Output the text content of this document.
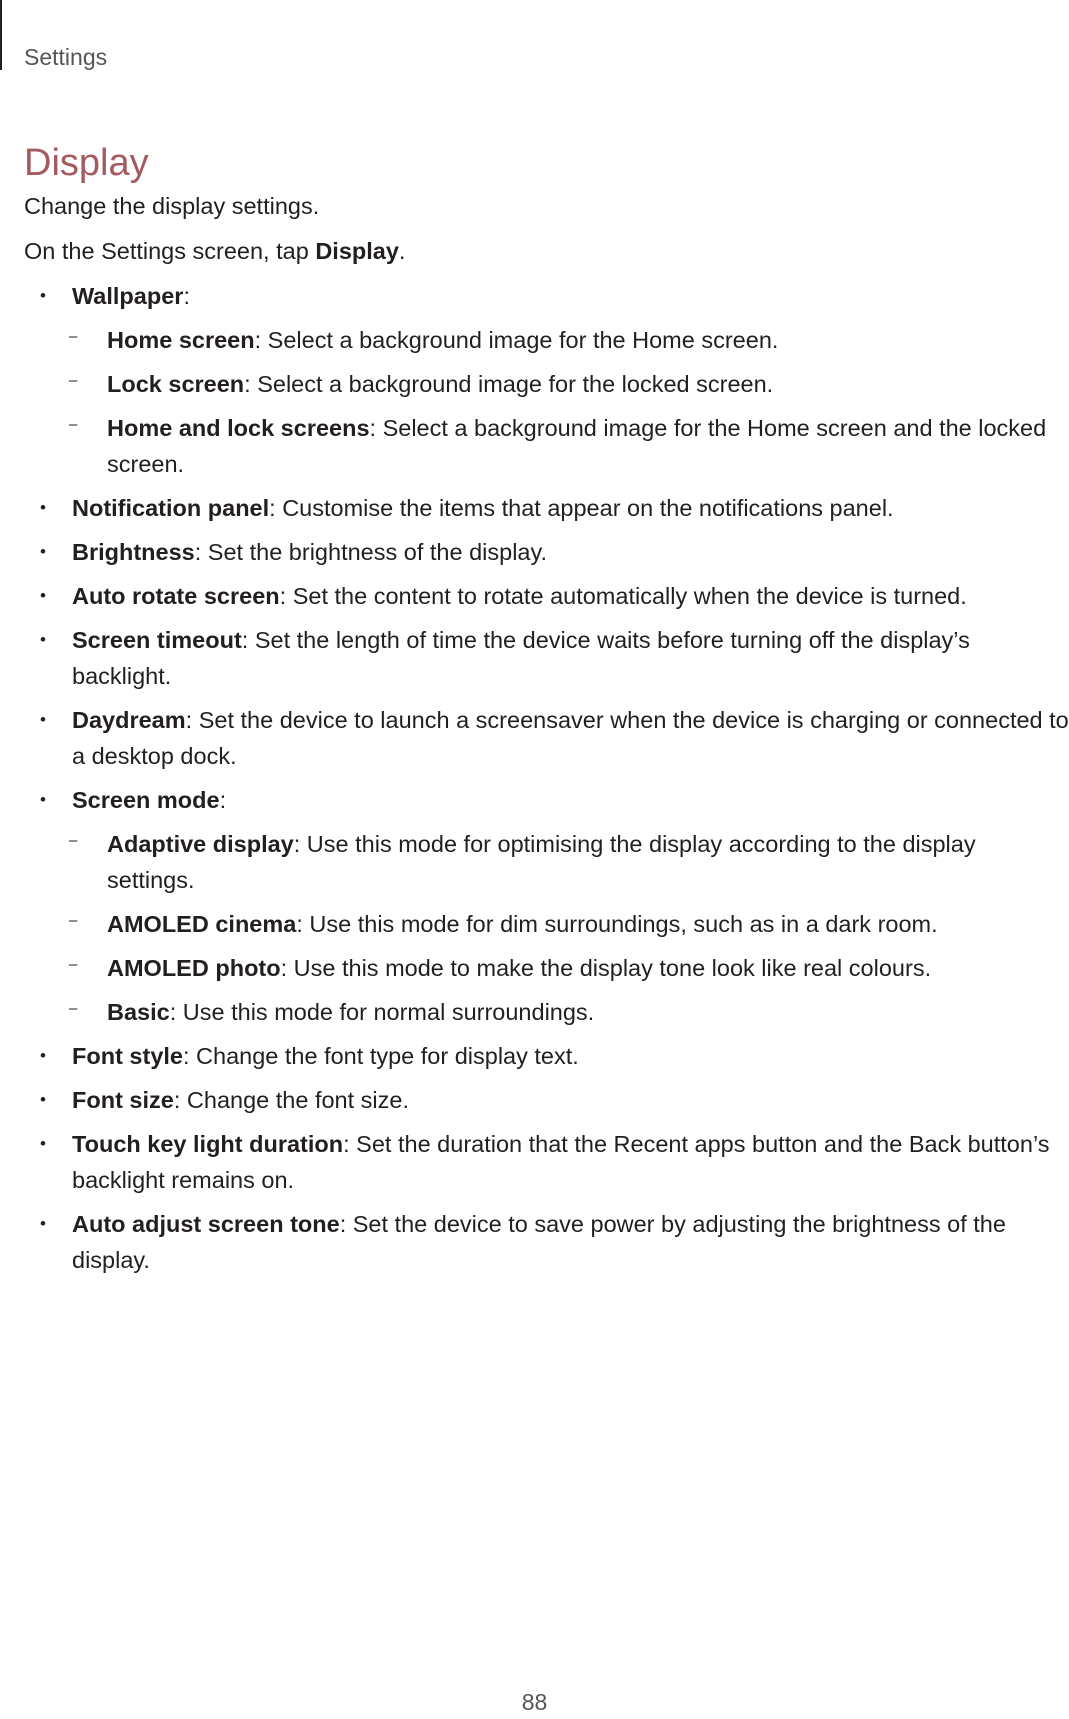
Settings
Display

Change the display settings.

On the Settings screen, tap Display.

• Wallpaper:
– Home screen: Select a background image for the Home screen.
– Lock screen: Select a background image for the locked screen.
– Home and lock screens: Select a background image for the Home screen and the locked screen.
• Notification panel: Customise the items that appear on the notifications panel.
• Brightness: Set the brightness of the display.
• Auto rotate screen: Set the content to rotate automatically when the device is turned.
• Screen timeout: Set the length of time the device waits before turning off the display’s backlight.
• Daydream: Set the device to launch a screensaver when the device is charging or connected to a desktop dock.
• Screen mode:
– Adaptive display: Use this mode for optimising the display according to the display settings.
– AMOLED cinema: Use this mode for dim surroundings, such as in a dark room.
– AMOLED photo: Use this mode to make the display tone look like real colours.
– Basic: Use this mode for normal surroundings.
• Font style: Change the font type for display text.
• Font size: Change the font size.
• Touch key light duration: Set the duration that the Recent apps button and the Back button’s backlight remains on.
• Auto adjust screen tone: Set the device to save power by adjusting the brightness of the display.
88
